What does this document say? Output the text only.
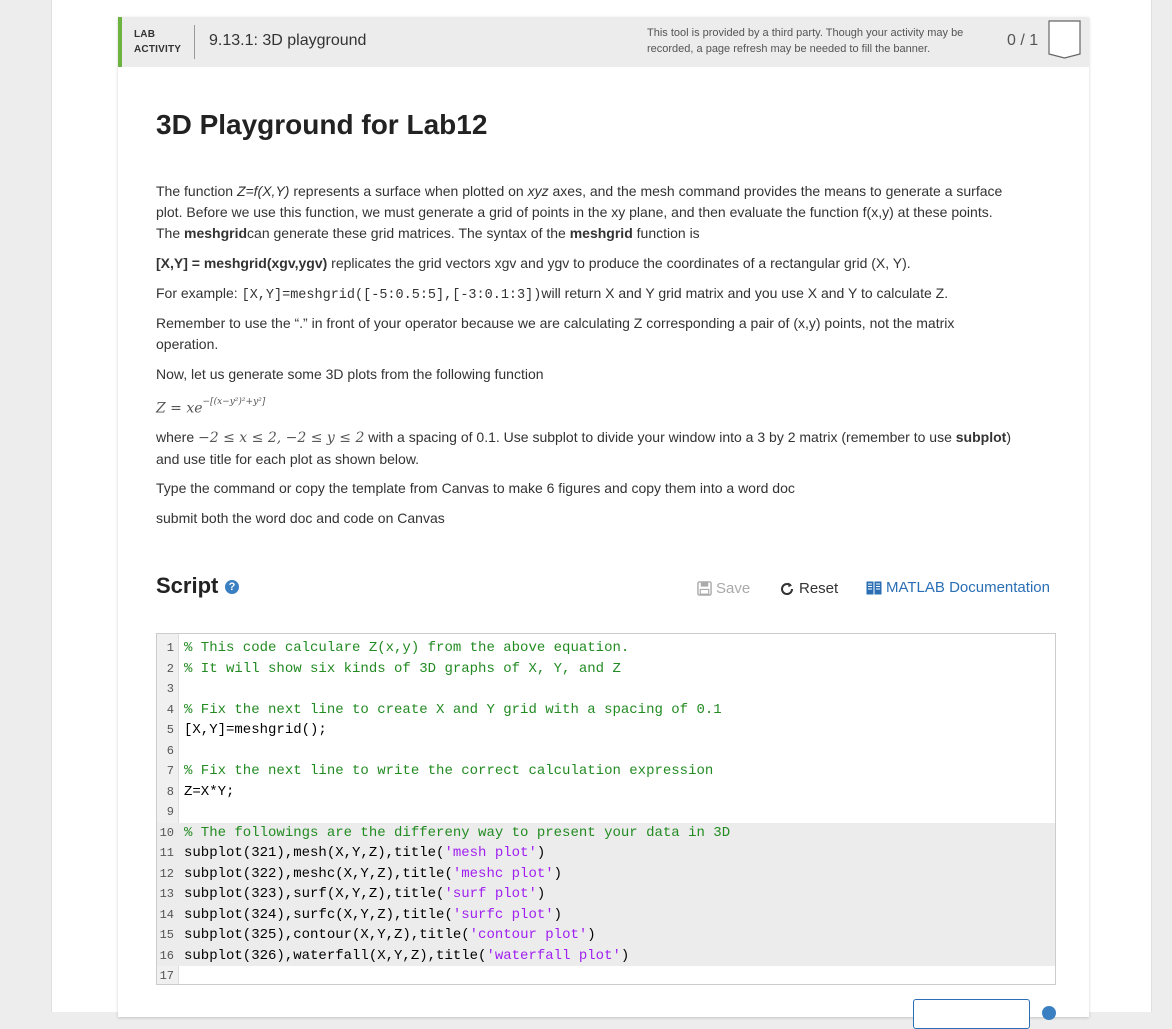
LAB
ACTIVITY
9.13.1: 3D playground	This tool is provided by a third party. Though your activity may be recorded, a page refresh may be needed to fill the banner.	0 / 1
3D Playground for Lab12

The function Z=f(X,Y) represents a surface when plotted on xyz axes, and the mesh command provides the means to generate a surface plot. Before we use this function, we must generate a grid of points in the xy plane, and then evaluate the function f(x,y) at these points. The meshgridcan generate these grid matrices. The syntax of the meshgrid function is

[X,Y] = meshgrid(xgv,ygv) replicates the grid vectors xgv and ygv to produce the coordinates of a rectangular grid (X, Y).

For example: [X,Y]=meshgrid([-5:0.5:5],[-3:0.1:3])will return X and Y grid matrix and you use X and Y to calculate Z.

Remember to use the “.” in front of your operator because we are calculating Z corresponding a pair of (x,y) points, not the matrix operation.

Now, let us generate some 3D plots from the following function

$Z = xe^{-[(x-y^2)^2+y^2]}$

where −2 ≤ x ≤ 2, −2 ≤ y ≤ 2 with a spacing of 0.1. Use subplot to divide your window into a 3 by 2 matrix (remember to use subplot) and use title for each plot as shown below.

Type the command or copy the template from Canvas to make 6 figures and copy them into a word doc

submit both the word doc and code on Canvas

Script ?	Save	Reset	MATLAB Documentation
1 % This code calculare Z(x,y) from the above equation.
2 % It will show six kinds of 3D graphs of X, Y, and Z
3
4 % Fix the next line to create X and Y grid with a spacing of 0.1
5 [X,Y]=meshgrid();
6
7 % Fix the next line to write the correct calculation expression
8 Z=X*Y;
9
10 % The followings are the differeny way to present your data in 3D
11 subplot(321),mesh(X,Y,Z),title('mesh plot')
12 subplot(322),meshc(X,Y,Z),title('meshc plot')
13 subplot(323),surf(X,Y,Z),title('surf plot')
14 subplot(324),surfc(X,Y,Z),title('surfc plot')
15 subplot(325),contour(X,Y,Z),title('contour plot')
16 subplot(326),waterfall(X,Y,Z),title('waterfall plot')
17
